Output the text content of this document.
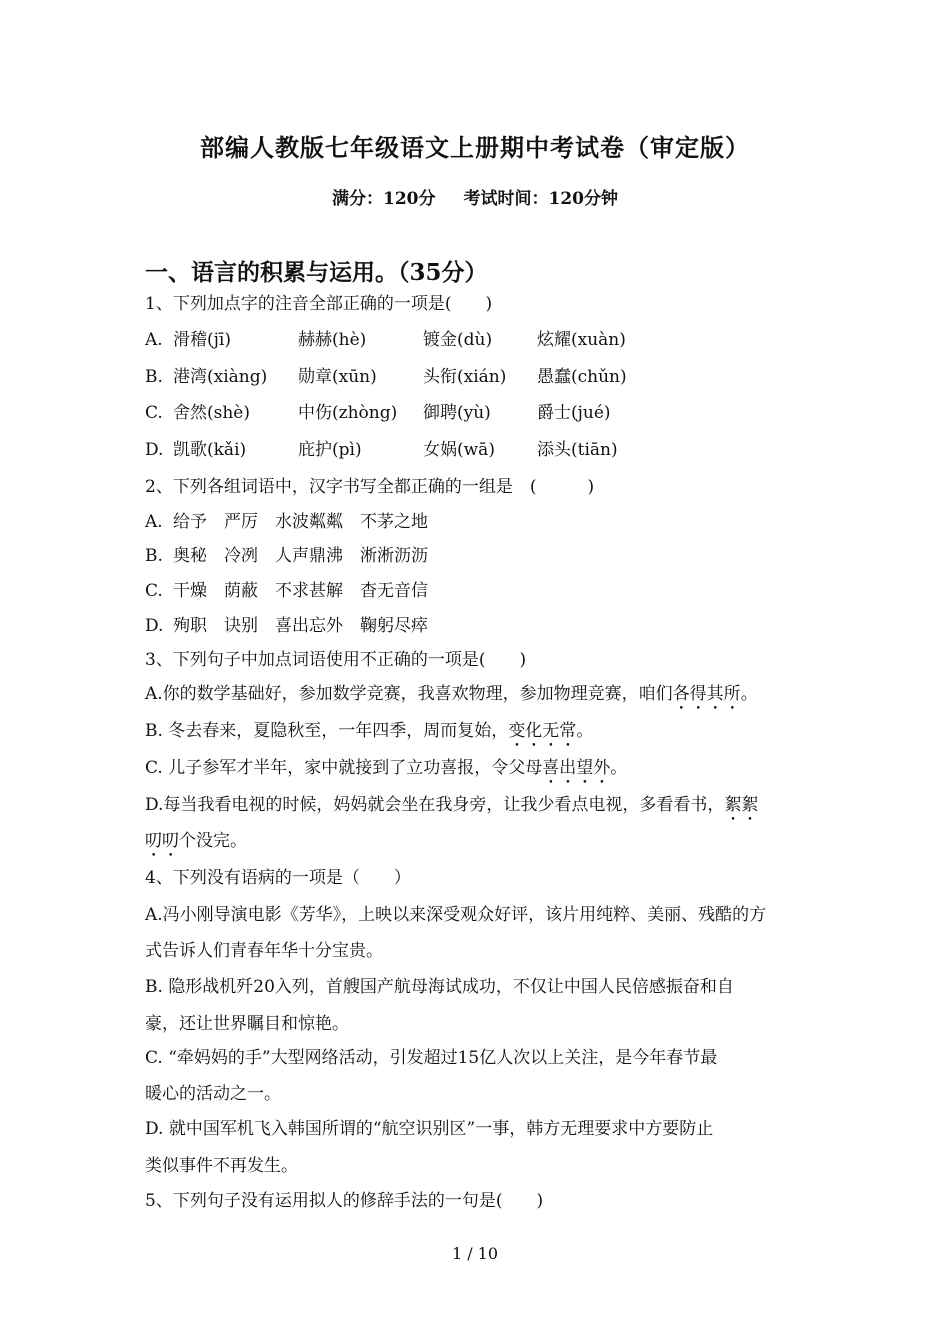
部编人教版七年级语文上册期中考试卷（审定版）
满分：120分 考试时间：120分钟
一、语言的积累与运用。（35分）
1、下列加点字的注音全部正确的一项是(　　)
A. 滑稽(jī)	赫赫(hè)	镀金(dù)	炫耀(xuàn)
B. 港湾(xiàng) 勋章(xūn)	头衔(xián) 愚蠢(chǔn)
C. 舍然(shè)	中伤(zhòng) 御聘(yù)	爵士(jué)
D. 凯歌(kǎi)	庇护(pì)	女娲(wā) 添头(tiān)
2、下列各组词语中，汉字书写全都正确的一组是　(　　　)
A. 给予　严厉　水波粼粼　不茅之地
B. 奥秘　冷冽　人声鼎沸　淅淅沥沥
C. 干燥　荫蔽　不求甚解　杳无音信
D. 殉职　诀别　喜出忘外　鞠躬尽瘁
3、下列句子中加点词语使用不正确的一项是(　　)
A.你的数学基础好，参加数学竞赛，我喜欢物理，参加物理竞赛，咱们各得其所。
B. 冬去春来，夏隐秋至，一年四季，周而复始，变化无常。
C. 儿子参军才半年，家中就接到了立功喜报，令父母喜出望外。
D.每当我看电视的时候，妈妈就会坐在我身旁，让我少看点电视，多看看书，絮絮
叨叨个没完。
4、下列没有语病的一项是（　　）
A.冯小刚导演电影《芳华》，上映以来深受观众好评，该片用纯粹、美丽、残酷的方
式告诉人们青春年华十分宝贵。
B. 隐形战机歼20入列，首艘国产航母海试成功，不仅让中国人民倍感振奋和自
豪，还让世界瞩目和惊艳。
C. “牵妈妈的手”大型网络活动，引发超过15亿人次以上关注，是今年春节最
暖心的活动之一。
D. 就中国军机飞入韩国所谓的“航空识别区”一事，韩方无理要求中方要防止
类似事件不再发生。
5、下列句子没有运用拟人的修辞手法的一句是(　　)
1 / 10
